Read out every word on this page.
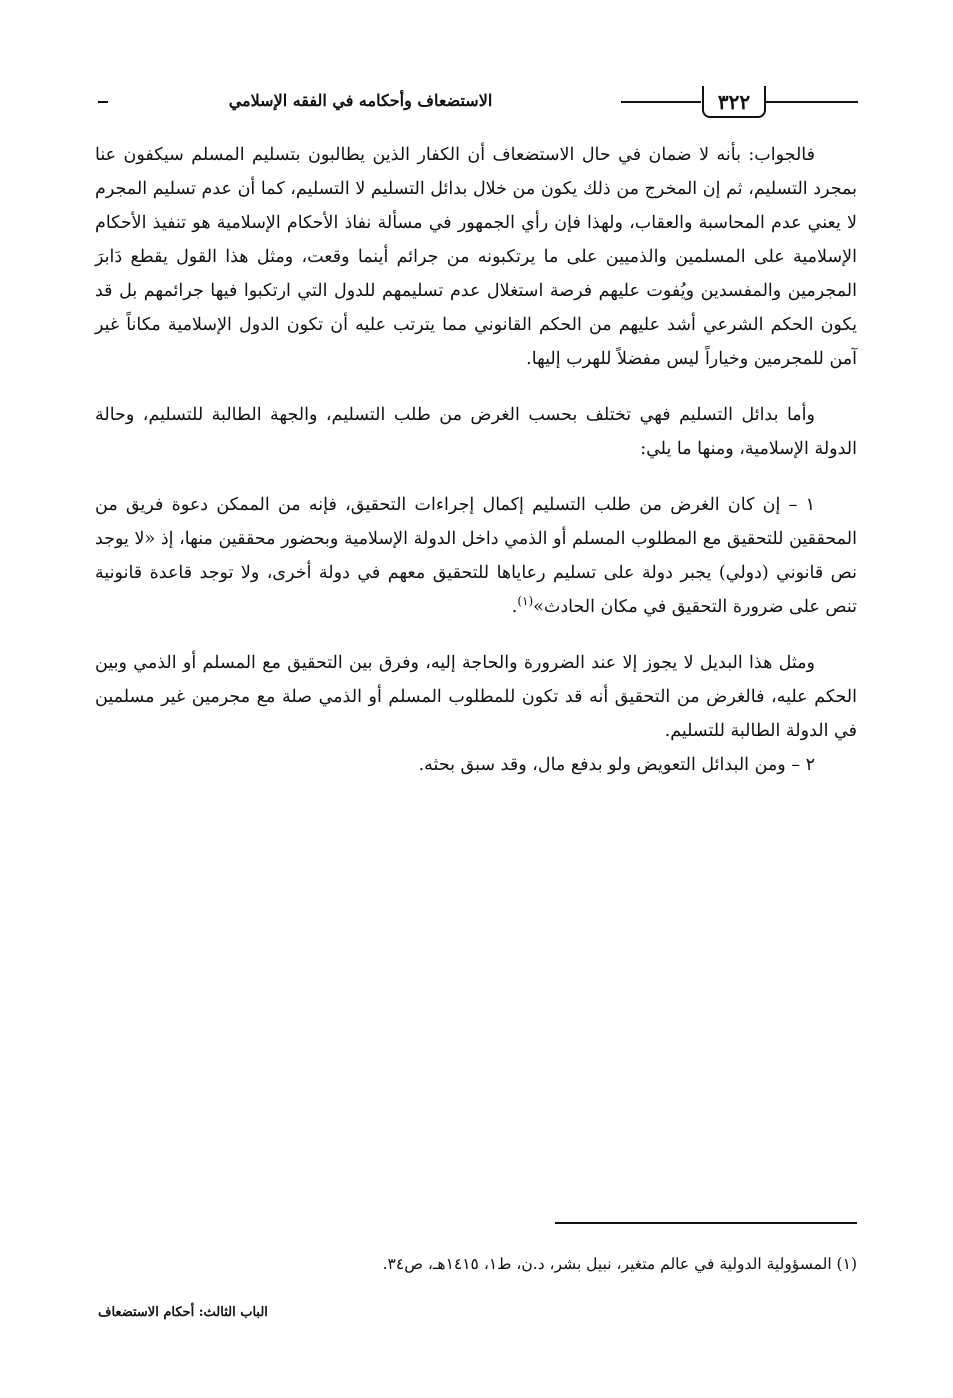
٣٢٢
الاستضعاف وأحكامه في الفقه الإسلامي

فالجواب: بأنه لا ضمان في حال الاستضعاف أن الكفار الذين يطالبون بتسليم المسلم سيكفون عنا بمجرد التسليم، ثم إن المخرج من ذلك يكون من خلال بدائل التسليم لا التسليم، كما أن عدم تسليم المجرم لا يعني عدم المحاسبة والعقاب، ولهذا فإن رأي الجمهور في مسألة نفاذ الأحكام الإسلامية هو تنفيذ الأحكام الإسلامية على المسلمين والذميين على ما يرتكبونه من جرائم أينما وقعت، ومثل هذا القول يقطع دَابرَ المجرمين والمفسدين ويُفوت عليهم فرصة استغلال عدم تسليمهم للدول التي ارتكبوا فيها جرائمهم بل قد يكون الحكم الشرعي أشد عليهم من الحكم القانوني مما يترتب عليه أن تكون الدول الإسلامية مكاناً غير آمن للمجرمين وخياراً ليس مفضلاً للهرب إليها.

وأما بدائل التسليم فهي تختلف بحسب الغرض من طلب التسليم، والجهة الطالبة للتسليم، وحالة الدولة الإسلامية، ومنها ما يلي:

١ – إن كان الغرض من طلب التسليم إكمال إجراءات التحقيق، فإنه من الممكن دعوة فريق من المحققين للتحقيق مع المطلوب المسلم أو الذمي داخل الدولة الإسلامية وبحضور محققين منها، إذ «لا يوجد نص قانوني (دولي) يجبر دولة على تسليم رعاياها للتحقيق معهم في دولة أخرى، ولا توجد قاعدة قانونية تنص على ضرورة التحقيق في مكان الحادث»$^{(١)}$.

ومثل هذا البديل لا يجوز إلا عند الضرورة والحاجة إليه، وفرق بين التحقيق مع المسلم أو الذمي وبين الحكم عليه، فالغرض من التحقيق أنه قد تكون للمطلوب المسلم أو الذمي صلة مع مجرمين غير مسلمين في الدولة الطالبة للتسليم.

٢ – ومن البدائل التعويض ولو بدفع مال، وقد سبق بحثه.

(١) المسؤولية الدولية في عالم متغير، نبيل بشر، د.ن، ط١، ١٤١٥هـ، ص٣٤.
الباب الثالث: أحكام الاستضعاف
